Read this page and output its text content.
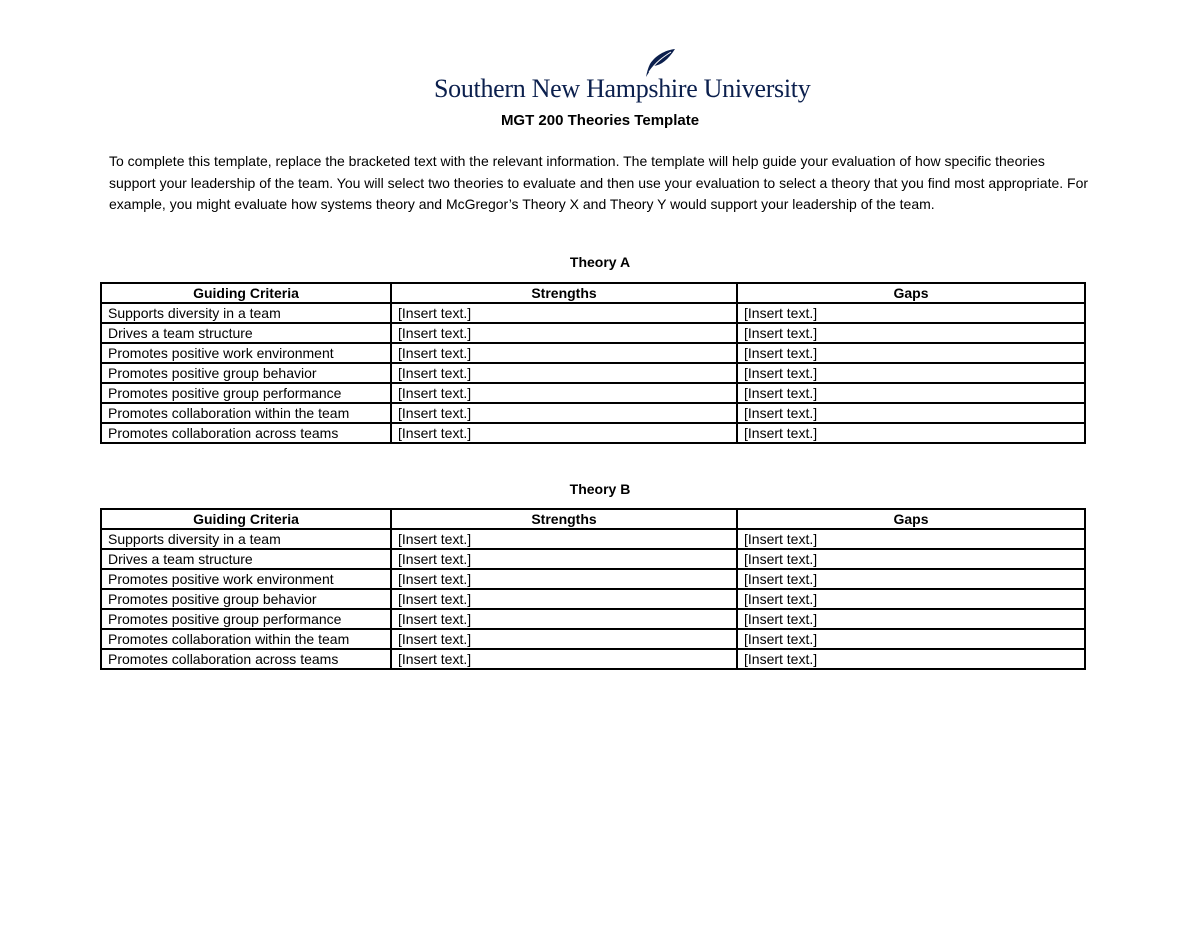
Southern New Hampshire University
MGT 200 Theories Template
To complete this template, replace the bracketed text with the relevant information. The template will help guide your evaluation of how specific theories support your leadership of the team. You will select two theories to evaluate and then use your evaluation to select a theory that you find most appropriate. For example, you might evaluate how systems theory and McGregor’s Theory X and Theory Y would support your leadership of the team.
Theory A
Guiding Criteria	Strengths	Gaps
Supports diversity in a team	[Insert text.]	[Insert text.]
Drives a team structure	[Insert text.]	[Insert text.]
Promotes positive work environment	[Insert text.]	[Insert text.]
Promotes positive group behavior	[Insert text.]	[Insert text.]
Promotes positive group performance	[Insert text.]	[Insert text.]
Promotes collaboration within the team	[Insert text.]	[Insert text.]
Promotes collaboration across teams	[Insert text.]	[Insert text.]
Theory B
Guiding Criteria	Strengths	Gaps
Supports diversity in a team	[Insert text.]	[Insert text.]
Drives a team structure	[Insert text.]	[Insert text.]
Promotes positive work environment	[Insert text.]	[Insert text.]
Promotes positive group behavior	[Insert text.]	[Insert text.]
Promotes positive group performance	[Insert text.]	[Insert text.]
Promotes collaboration within the team	[Insert text.]	[Insert text.]
Promotes collaboration across teams	[Insert text.]	[Insert text.]
